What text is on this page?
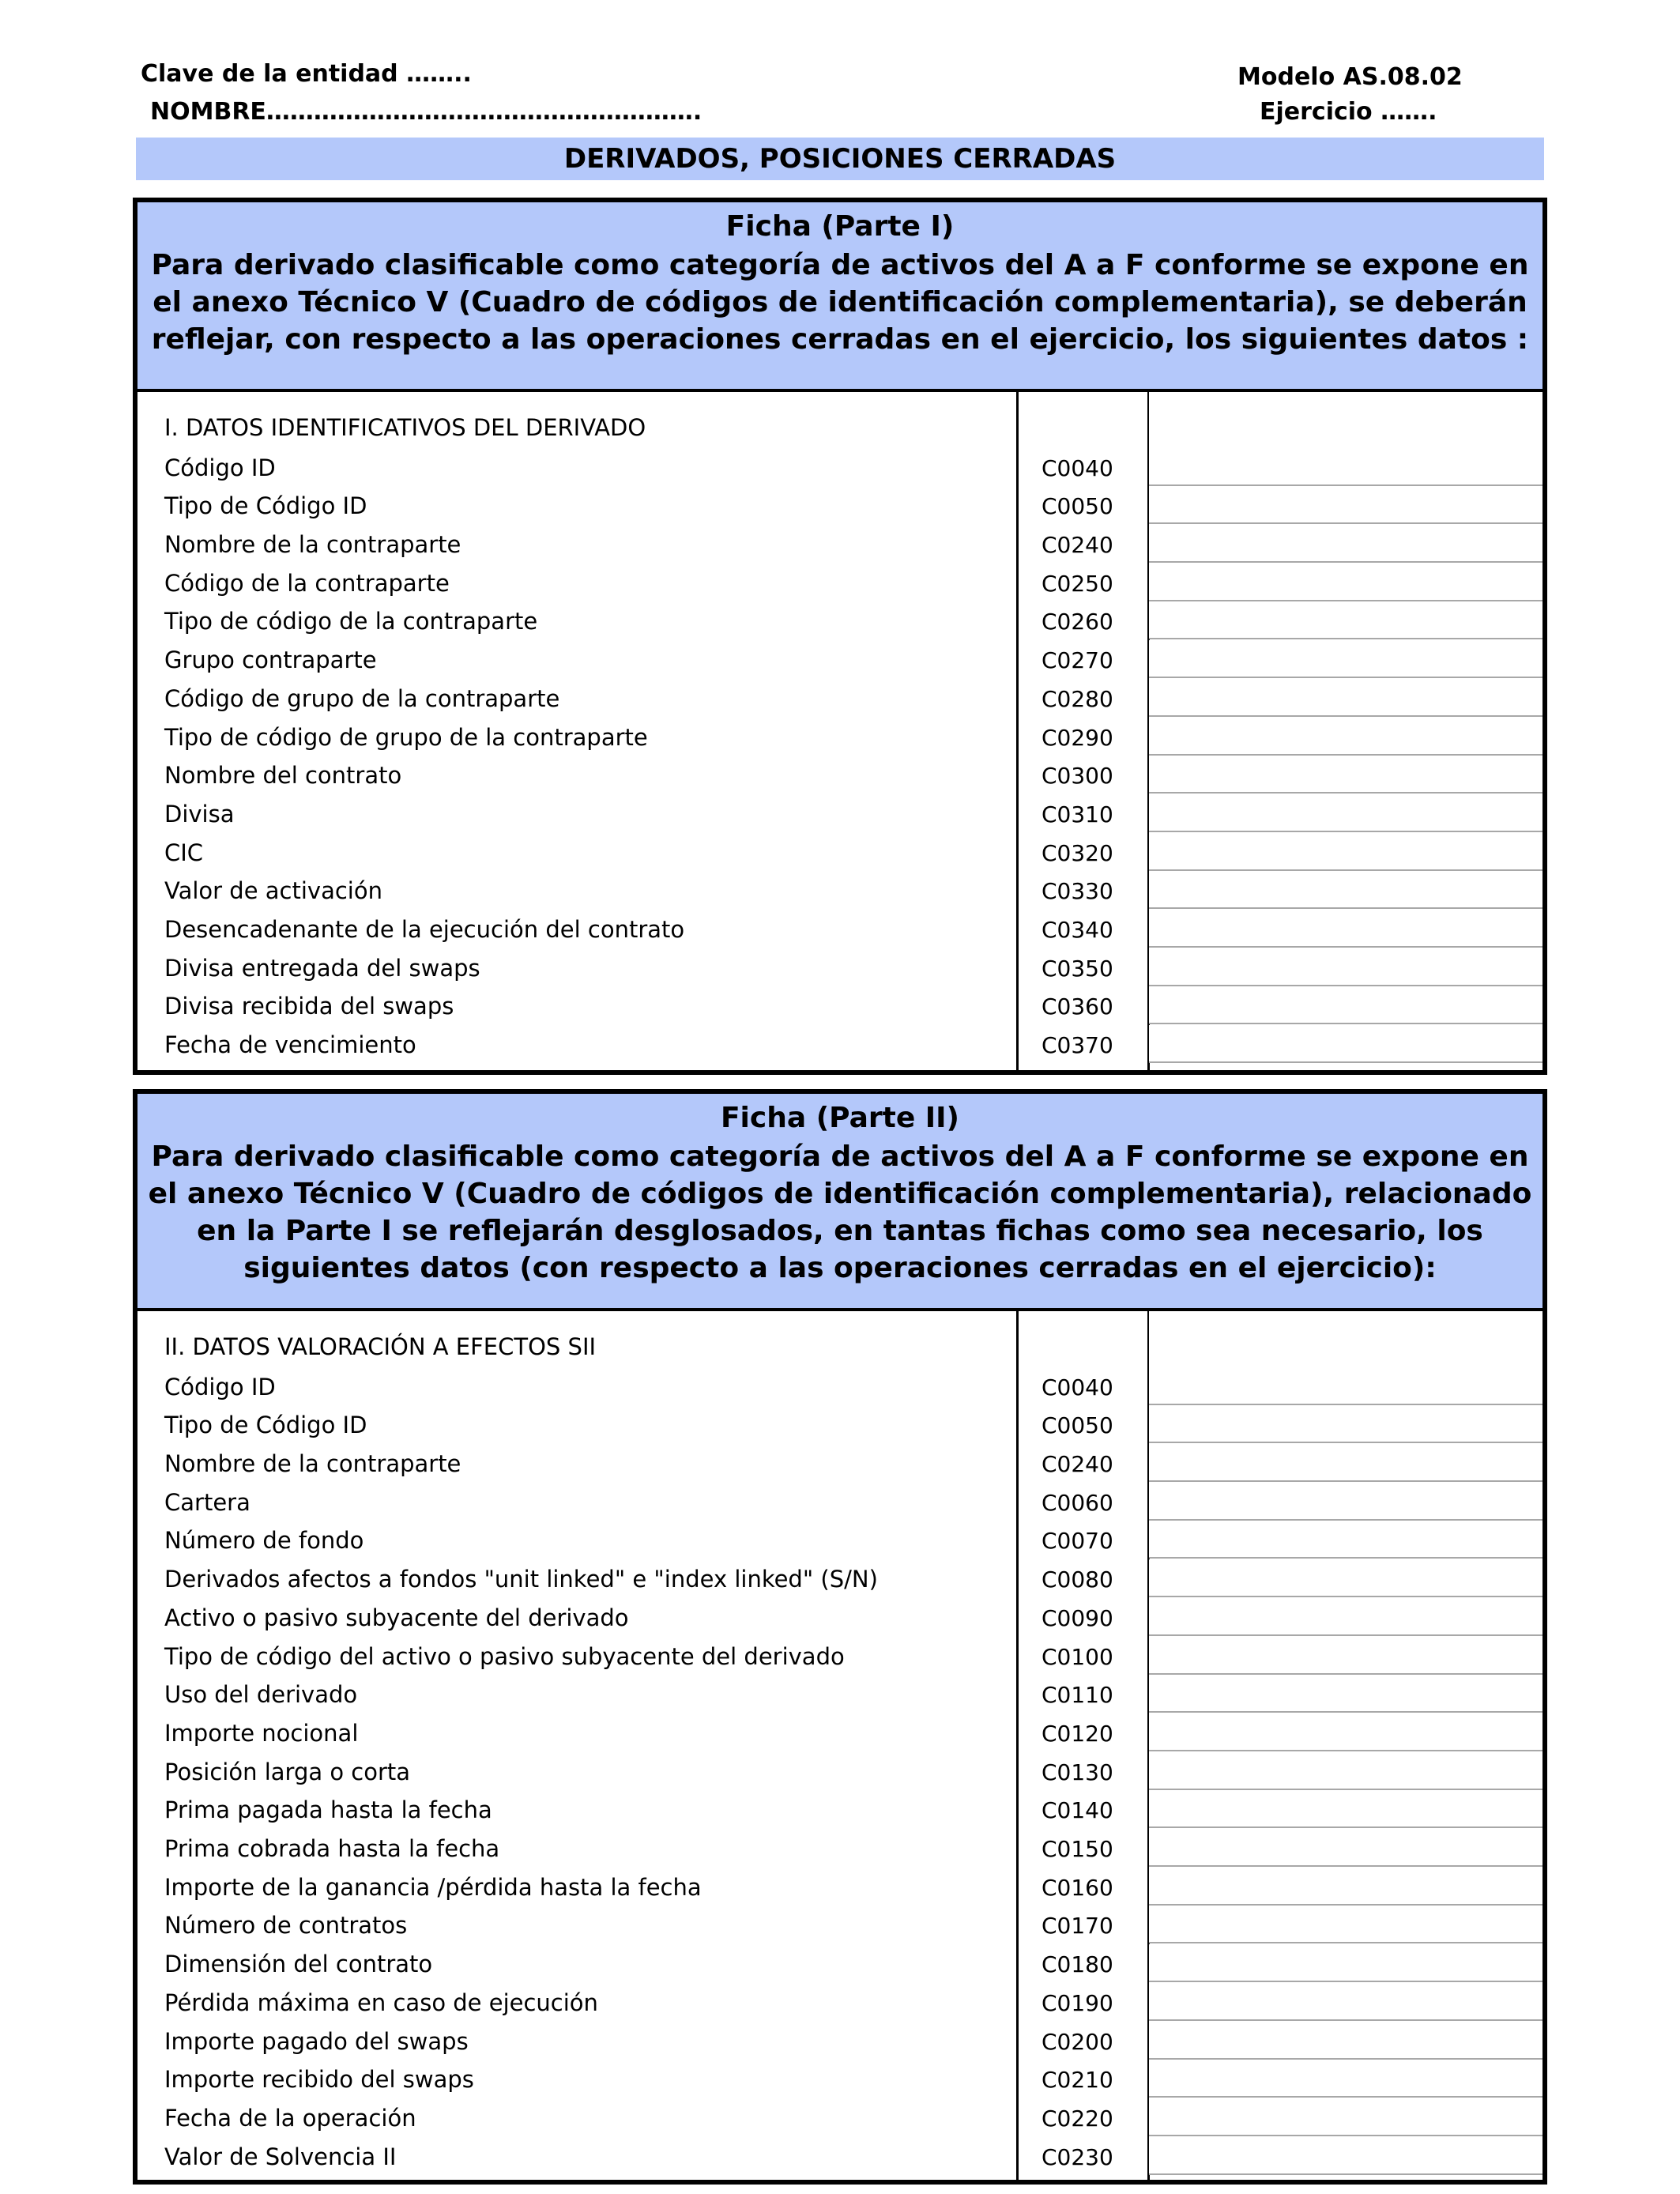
Clave de la entidad ……..
NOMBRE……………………………………………….
Modelo AS.08.02
Ejercicio …….
DERIVADOS, POSICIONES CERRADAS
Ficha (Parte I)
Para derivado clasificable como categoría de activos del A a F conforme se expone en el anexo Técnico V (Cuadro de códigos de identificación complementaria), se deberán reflejar, con respecto a las operaciones cerradas en el ejercicio, los siguientes datos :
I. DATOS IDENTIFICATIVOS DEL DERIVADO
Código ID	C0040
Tipo de Código ID	C0050
Nombre de la contraparte	C0240
Código de la contraparte	C0250
Tipo de código de la contraparte	C0260
Grupo contraparte	C0270
Código de grupo de la contraparte	C0280
Tipo de código de grupo de la contraparte	C0290
Nombre del contrato	C0300
Divisa	C0310
CIC	C0320
Valor de activación	C0330
Desencadenante de la ejecución del contrato	C0340
Divisa entregada del swaps	C0350
Divisa recibida del swaps	C0360
Fecha de vencimiento	C0370
Ficha (Parte II)
Para derivado clasificable como categoría de activos del A a F conforme se expone en el anexo Técnico V (Cuadro de códigos de identificación complementaria), relacionado en la Parte I se reflejarán desglosados, en tantas fichas como sea necesario, los siguientes datos (con respecto a las operaciones cerradas en el ejercicio):
II. DATOS VALORACIÓN A EFECTOS SII
Código ID	C0040
Tipo de Código ID	C0050
Nombre de la contraparte	C0240
Cartera	C0060
Número de fondo	C0070
Derivados afectos a fondos "unit linked" e "index linked" (S/N)	C0080
Activo o pasivo subyacente del derivado	C0090
Tipo de código del activo o pasivo subyacente del derivado	C0100
Uso del derivado	C0110
Importe nocional	C0120
Posición larga o corta	C0130
Prima pagada hasta la fecha	C0140
Prima cobrada hasta la fecha	C0150
Importe de la ganancia /pérdida hasta la fecha	C0160
Número de contratos	C0170
Dimensión del contrato	C0180
Pérdida máxima en caso de ejecución	C0190
Importe pagado del swaps	C0200
Importe recibido del swaps	C0210
Fecha de la operación	C0220
Valor de Solvencia II	C0230
